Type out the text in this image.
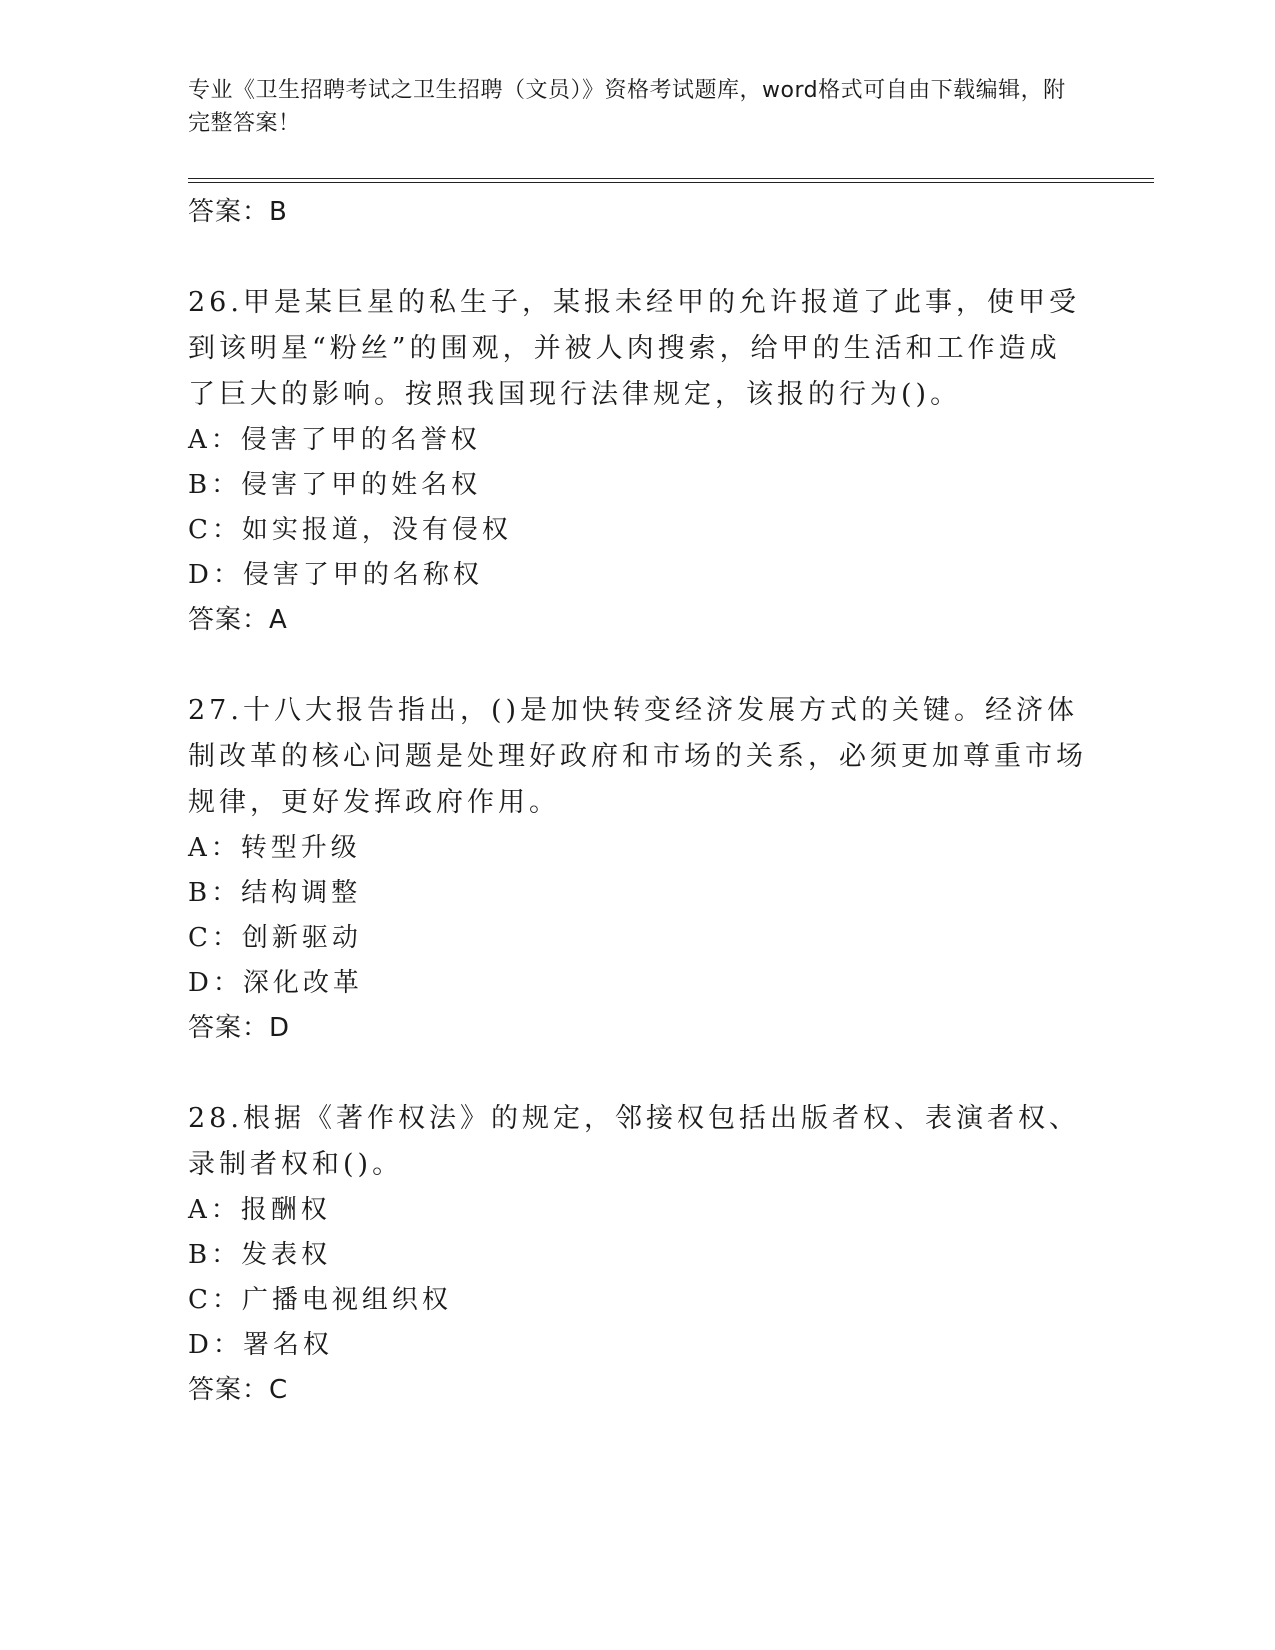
专业《卫生招聘考试之卫生招聘（文员）》资格考试题库，word格式可自由下载编辑，附完整答案！
答案：B
26.甲是某巨星的私生子，某报未经甲的允许报道了此事，使甲受到该明星“粉丝”的围观，并被人肉搜索，给甲的生活和工作造成了巨大的影响。按照我国现行法律规定，该报的行为()。
A：侵害了甲的名誉权
B：侵害了甲的姓名权
C：如实报道，没有侵权
D：侵害了甲的名称权
答案：A
27.十八大报告指出，()是加快转变经济发展方式的关键。经济体制改革的核心问题是处理好政府和市场的关系，必须更加尊重市场规律，更好发挥政府作用。
A：转型升级
B：结构调整
C：创新驱动
D：深化改革
答案：D
28.根据《著作权法》的规定，邻接权包括出版者权、表演者权、录制者权和()。
A：报酬权
B：发表权
C：广播电视组织权
D：署名权
答案：C
